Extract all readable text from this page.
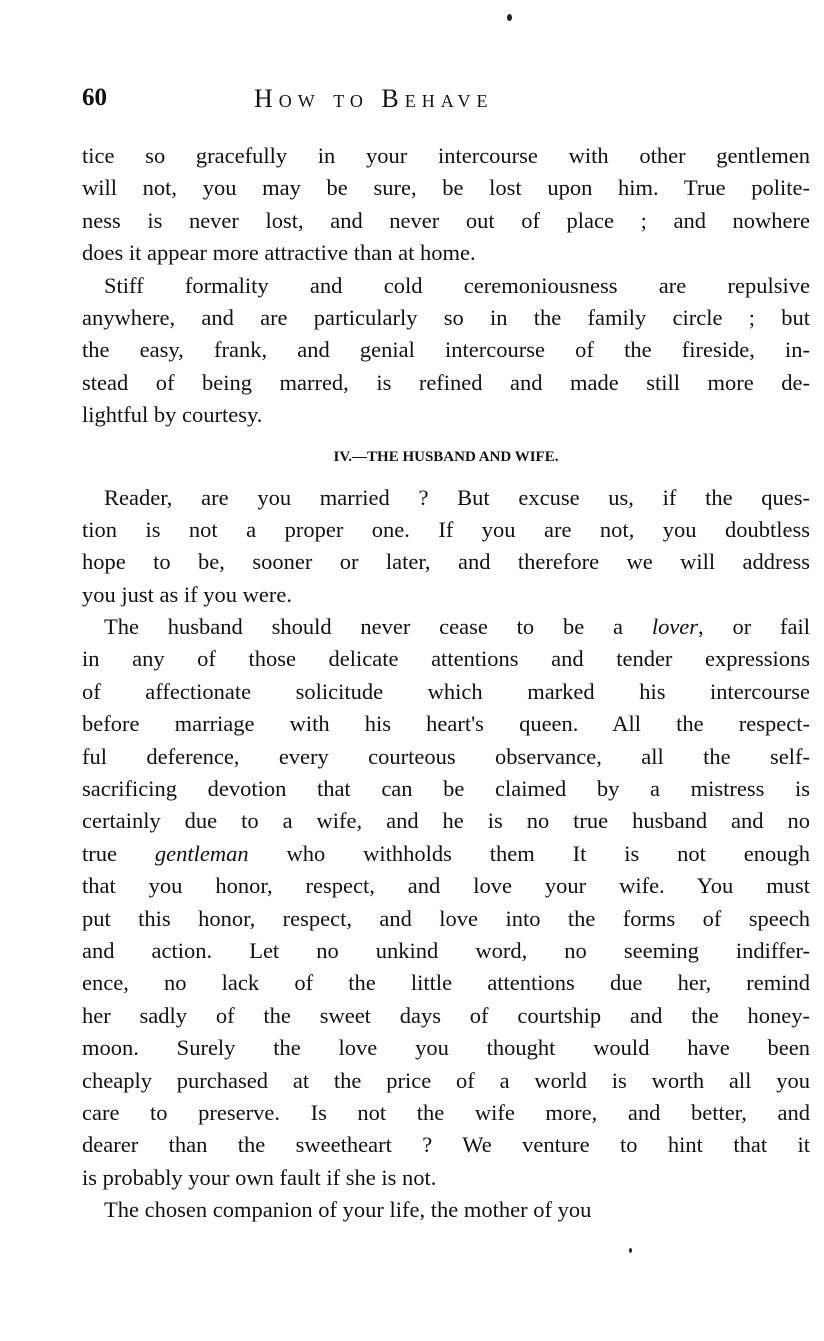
60	How to Behave
tice so gracefully in your intercourse with other gentlemen
will not, you may be sure, be lost upon him. True polite-
ness is never lost, and never out of place ; and nowhere
does it appear more attractive than at home.
Stiff formality and cold ceremoniousness are repulsive
anywhere, and are particularly so in the family circle ; but
the easy, frank, and genial intercourse of the fireside, in-
stead of being marred, is refined and made still more de-
lightful by courtesy.
IV.—THE HUSBAND AND WIFE.
Reader, are you married ? But excuse us, if the ques-
tion is not a proper one. If you are not, you doubtless
hope to be, sooner or later, and therefore we will address
you just as if you were.
The husband should never cease to be a lover, or fail
in any of those delicate attentions and tender expressions
of affectionate solicitude which marked his intercourse
before marriage with his heart's queen. All the respect-
ful deference, every courteous observance, all the self-
sacrificing devotion that can be claimed by a mistress is
certainly due to a wife, and he is no true husband and no
true gentleman who withholds them It is not enough
that you honor, respect, and love your wife. You must
put this honor, respect, and love into the forms of speech
and action. Let no unkind word, no seeming indiffer-
ence, no lack of the little attentions due her, remind
her sadly of the sweet days of courtship and the honey-
moon. Surely the love you thought would have been
cheaply purchased at the price of a world is worth all you
care to preserve. Is not the wife more, and better, and
dearer than the sweetheart ? We venture to hint that it
is probably your own fault if she is not.
The chosen companion of your life, the mother of you
